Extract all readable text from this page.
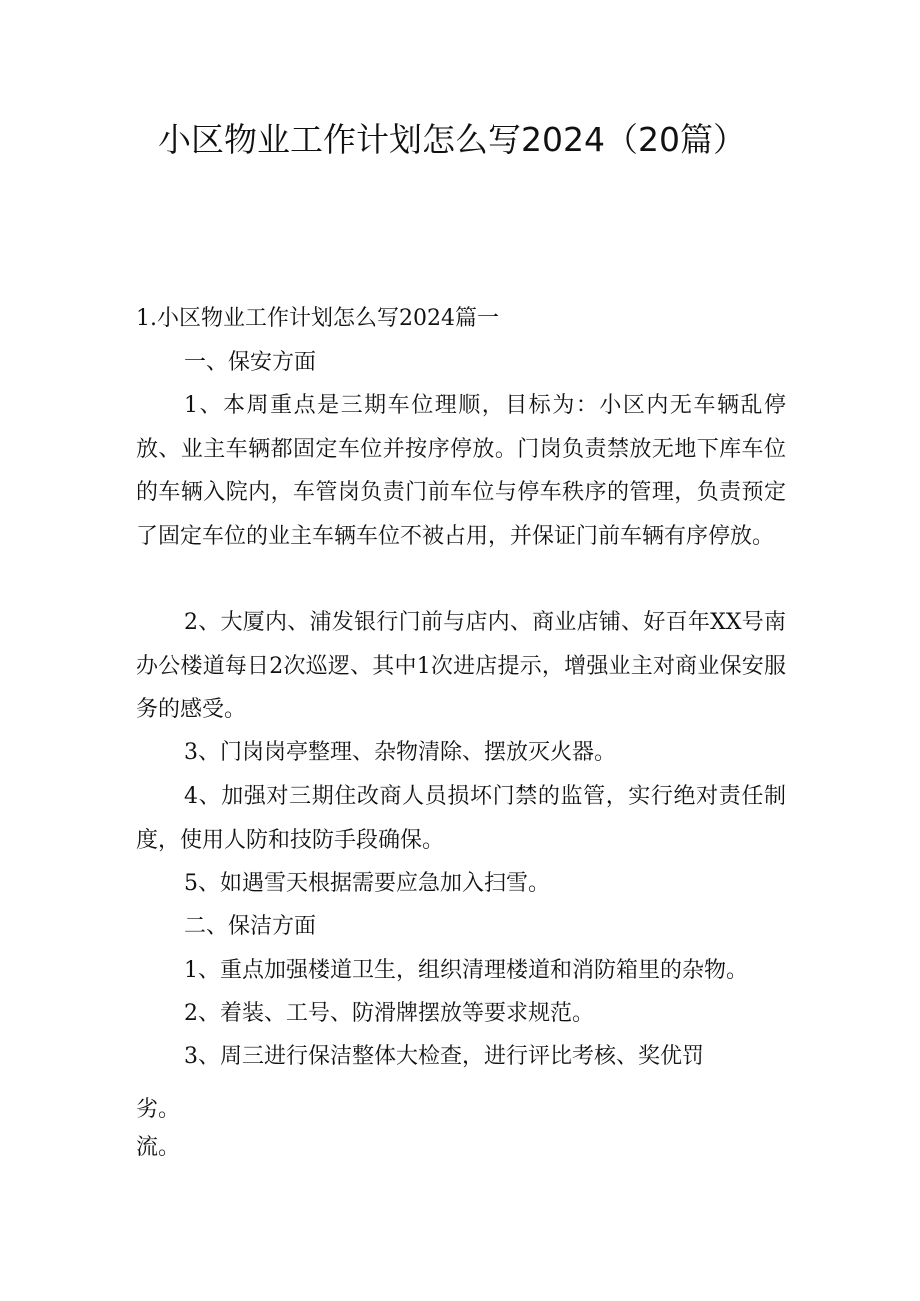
小区物业工作计划怎么写2024（20篇）
1.小区物业工作计划怎么写2024篇一

一、保安方面

1、本周重点是三期车位理顺，目标为：小区内无车辆乱停放、业主车辆都固定车位并按序停放。门岗负责禁放无地下库车位的车辆入院内，车管岗负责门前车位与停车秩序的管理，负责预定了固定车位的业主车辆车位不被占用，并保证门前车辆有序停放。

2、大厦内、浦发银行门前与店内、商业店铺、好百年XX号南办公楼道每日2次巡逻、其中1次进店提示，增强业主对商业保安服务的感受。

3、门岗岗亭整理、杂物清除、摆放灭火器。

4、加强对三期住改商人员损坏门禁的监管，实行绝对责任制度，使用人防和技防手段确保。

5、如遇雪天根据需要应急加入扫雪。

二、保洁方面

1、重点加强楼道卫生，组织清理楼道和消防箱里的杂物。

2、着装、工号、防滑牌摆放等要求规范。

3、周三进行保洁整体大检查，进行评比考核、奖优罚

劣。
流。
